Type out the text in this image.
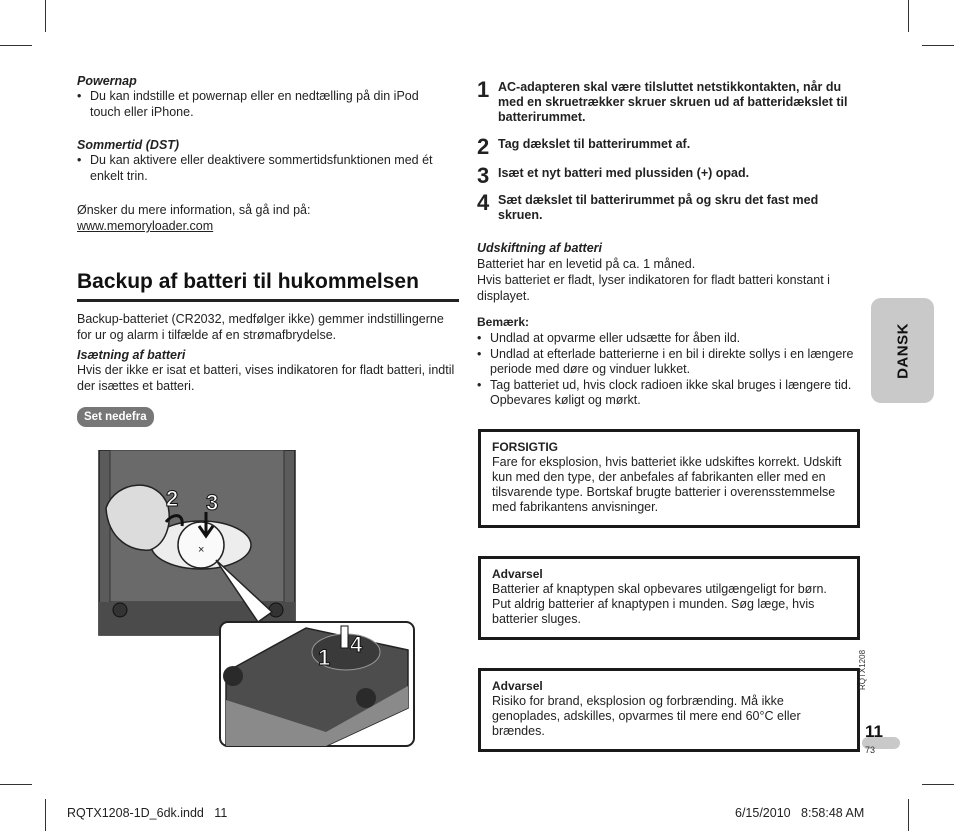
Powernap
• Du kan indstille et powernap eller en nedtælling på din iPod touch eller iPhone.
Sommertid (DST)
• Du kan aktivere eller deaktivere sommertidsfunktionen med ét enkelt trin.
Ønsker du mere information, så gå ind på:
www.memoryloader.com
Backup af batteri til hukommelsen
Backup-batteriet (CR2032, medfølger ikke) gemmer indstillingerne for ur og alarm i tilfælde af en strømafbrydelse.
Isætning af batteri
Hvis der ikke er isat et batteri, vises indikatoren for fladt batteri, indtil der isættes et batteri.
Set nedefra
×
2 3
1
4
1 AC-adapteren skal være tilsluttet netstikkontakten, når du med en skruetrækker skruer skruen ud af batteridækslet til batterirummet.
2 Tag dækslet til batterirummet af.
3 Isæt et nyt batteri med plussiden (+) opad.
4 Sæt dækslet til batterirummet på og skru det fast med skruen.
Udskiftning af batteri
Batteriet har en levetid på ca. 1 måned.
Hvis batteriet er fladt, lyser indikatoren for fladt batteri konstant i displayet.
Bemærk:
• Undlad at opvarme eller udsætte for åben ild.
• Undlad at efterlade batterierne i en bil i direkte sollys i en længere periode med døre og vinduer lukket.
• Tag batteriet ud, hvis clock radioen ikke skal bruges i længere tid. Opbevares køligt og mørkt.
FORSIGTIG
Fare for eksplosion, hvis batteriet ikke udskiftes korrekt. Udskift kun med den type, der anbefales af fabrikanten eller med en tilsvarende type. Bortskaf brugte batterier i overensstemmelse med fabrikantens anvisninger.
Advarsel
Batterier af knaptypen skal opbevares utilgængeligt for børn. Put aldrig batterier af knaptypen i munden. Søg læge, hvis batterier sluges.
Advarsel
Risiko for brand, eksplosion og forbrænding. Må ikke genoplades, adskilles, opvarmes til mere end 60°C eller brændes.
DANSK
RQTX1208
11
73
RQTX1208-1D_6dk.indd   11	6/15/2010   8:58:48 AM
